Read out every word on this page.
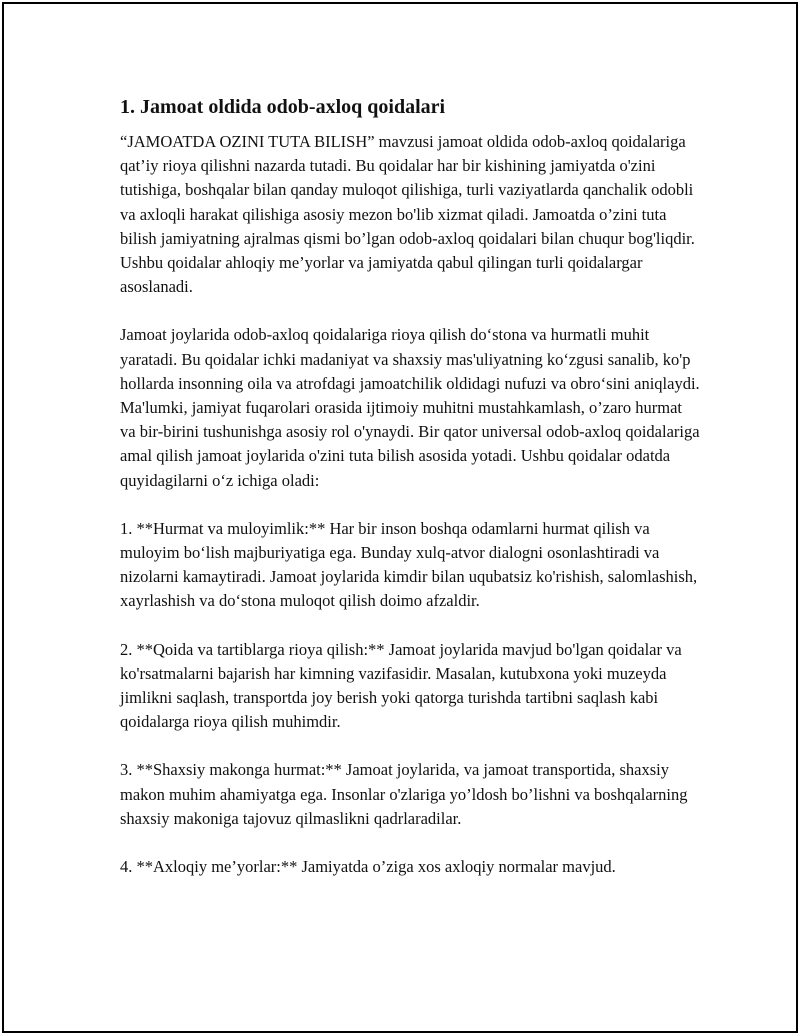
1. Jamoat oldida odob-axloq qoidalari

“JAMOATDA OZINI TUTA BILISH” mavzusi jamoat oldida odob-axloq qoidalariga qat’iy rioya qilishni nazarda tutadi. Bu qoidalar har bir kishining jamiyatda o'zini tutishiga, boshqalar bilan qanday muloqot qilishiga, turli vaziyatlarda qanchalik odobli va axloqli harakat qilishiga asosiy mezon bo'lib xizmat qiladi. Jamoatda o’zini tuta bilish jamiyatning ajralmas qismi bo’lgan odob-axloq qoidalari bilan chuqur bog'liqdir. Ushbu qoidalar ahloqiy me’yorlar va jamiyatda qabul qilingan turli qoidalargar asoslanadi.

Jamoat joylarida odob-axloq qoidalariga rioya qilish do‘stona va hurmatli muhit yaratadi. Bu qoidalar ichki madaniyat va shaxsiy mas'uliyatning ko‘zgusi sanalib, ko'p hollarda insonning oila va atrofdagi jamoatchilik oldidagi nufuzi va obro‘sini aniqlaydi. Ma'lumki, jamiyat fuqarolari orasida ijtimoiy muhitni mustahkamlash, o’zaro hurmat va bir-birini tushunishga asosiy rol o'ynaydi. Bir qator universal odob-axloq qoidalariga amal qilish jamoat joylarida o'zini tuta bilish asosida yotadi. Ushbu qoidalar odatda quyidagilarni o‘z ichiga oladi:

1. **Hurmat va muloyimlik:** Har bir inson boshqa odamlarni hurmat qilish va muloyim bo‘lish majburiyatiga ega. Bunday xulq-atvor dialogni osonlashtiradi va nizolarni kamaytiradi. Jamoat joylarida kimdir bilan uqubatsiz ko'rishish, salomlashish, xayrlashish va do‘stona muloqot qilish doimo afzaldir.

2. **Qoida va tartiblarga rioya qilish:** Jamoat joylarida mavjud bo'lgan qoidalar va ko'rsatmalarni bajarish har kimning vazifasidir. Masalan, kutubxona yoki muzeyda jimlikni saqlash, transportda joy berish yoki qatorga turishda tartibni saqlash kabi qoidalarga rioya qilish muhimdir.

3. **Shaxsiy makonga hurmat:** Jamoat joylarida, va jamoat transportida, shaxsiy makon muhim ahamiyatga ega. Insonlar o'zlariga yo’ldosh bo’lishni va boshqalarning shaxsiy makoniga tajovuz qilmaslikni qadrlaradilar.

4. **Axloqiy me’yorlar:** Jamiyatda o’ziga xos axloqiy normalar mavjud.
